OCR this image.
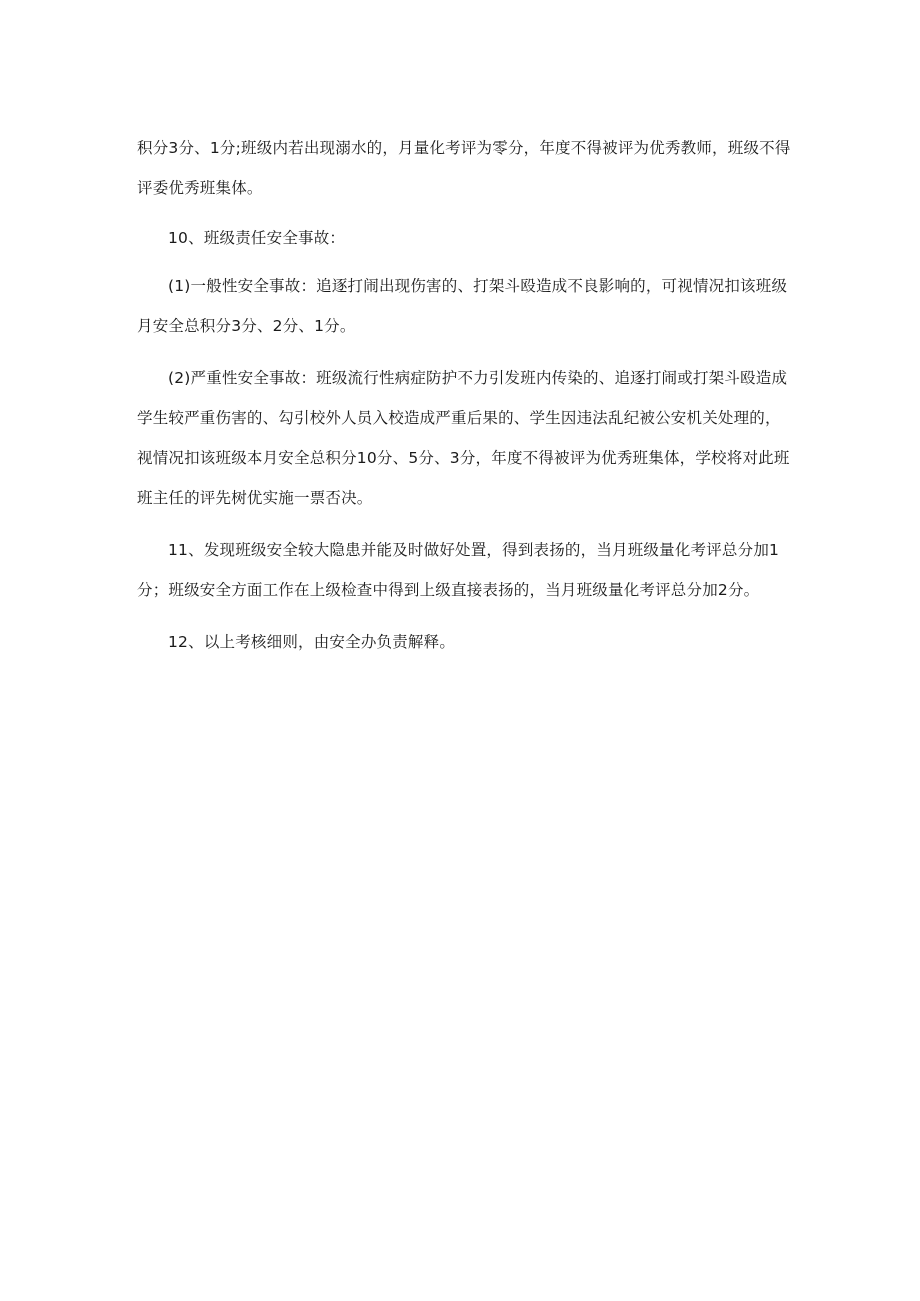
积分3分、1分;班级内若出现溺水的，月量化考评为零分，年度不得被评为优秀教师，班级不得
评委优秀班集体。

10、班级责任安全事故：

(1)一般性安全事故：追逐打闹出现伤害的、打架斗殴造成不良影响的，可视情况扣该班级
月安全总积分3分、2分、1分。

(2)严重性安全事故：班级流行性病症防护不力引发班内传染的、追逐打闹或打架斗殴造成
学生较严重伤害的、勾引校外人员入校造成严重后果的、学生因违法乱纪被公安机关处理的，
视情况扣该班级本月安全总积分10分、5分、3分，年度不得被评为优秀班集体，学校将对此班
班主任的评先树优实施一票否决。

11、发现班级安全较大隐患并能及时做好处置，得到表扬的，当月班级量化考评总分加1
分；班级安全方面工作在上级检查中得到上级直接表扬的，当月班级量化考评总分加2分。

12、以上考核细则，由安全办负责解释。
